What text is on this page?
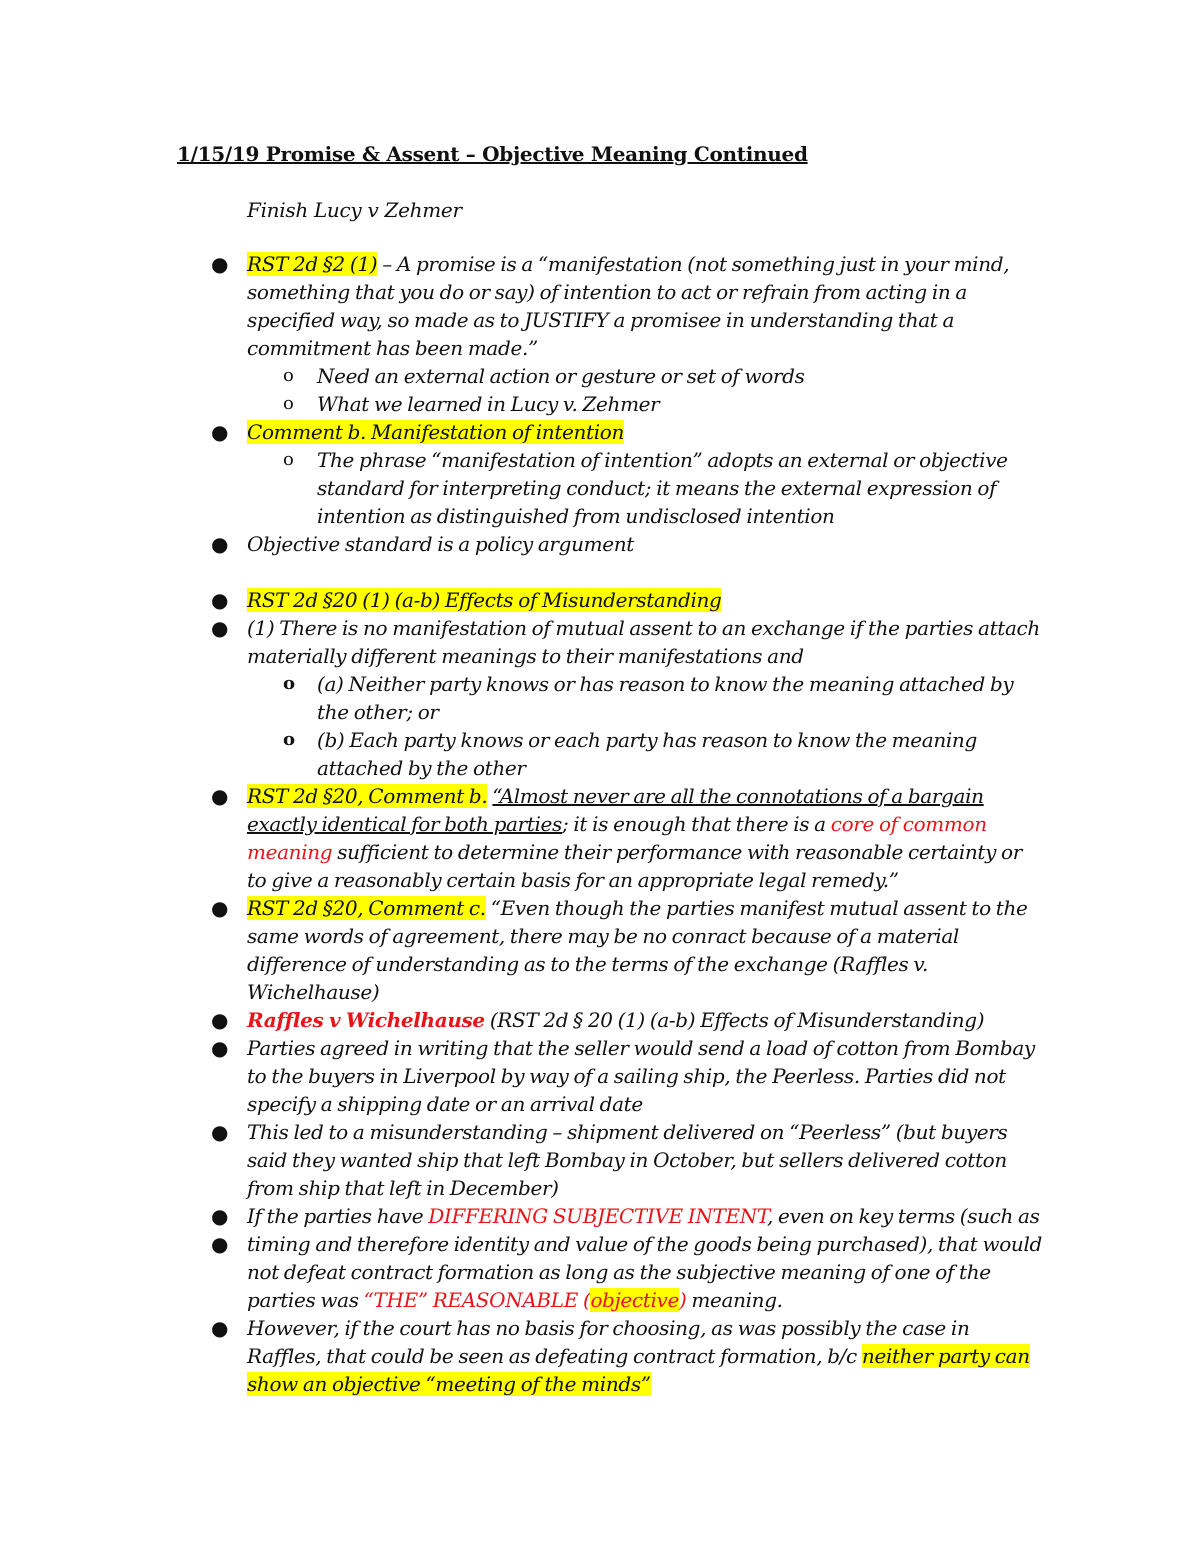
1/15/19 Promise & Assent – Objective Meaning Continued
Finish Lucy v Zehmer
● RST 2d §2 (1) – A promise is a “manifestation (not something just in your mind, something that you do or say) of intention to act or refrain from acting in a specified way, so made as to JUSTIFY a promisee in understanding that a commitment has been made.”
o Need an external action or gesture or set of words
o What we learned in Lucy v. Zehmer
● Comment b. Manifestation of intention
o The phrase “manifestation of intention” adopts an external or objective standard for interpreting conduct; it means the external expression of intention as distinguished from undisclosed intention
● Objective standard is a policy argument
● RST 2d §20 (1) (a-b) Effects of Misunderstanding
● (1) There is no manifestation of mutual assent to an exchange if the parties attach materially different meanings to their manifestations and
o (a) Neither party knows or has reason to know the meaning attached by the other; or
o (b) Each party knows or each party has reason to know the meaning attached by the other
● RST 2d §20, Comment b. “Almost never are all the connotations of a bargain exactly identical for both parties; it is enough that there is a core of common meaning sufficient to determine their performance with reasonable certainty or to give a reasonably certain basis for an appropriate legal remedy.”
● RST 2d §20, Comment c. “Even though the parties manifest mutual assent to the same words of agreement, there may be no conract because of a material difference of understanding as to the terms of the exchange (Raffles v. Wichelhause)
● Raffles v Wichelhause (RST 2d § 20 (1) (a-b) Effects of Misunderstanding)
● Parties agreed in writing that the seller would send a load of cotton from Bombay to the buyers in Liverpool by way of a sailing ship, the Peerless. Parties did not specify a shipping date or an arrival date
● This led to a misunderstanding – shipment delivered on “Peerless” (but buyers said they wanted ship that left Bombay in October, but sellers delivered cotton from ship that left in December)
● If the parties have DIFFERING SUBJECTIVE INTENT, even on key terms (such as
● timing and therefore identity and value of the goods being purchased), that would not defeat contract formation as long as the subjective meaning of one of the parties was “THE” REASONABLE (objective) meaning.
● However, if the court has no basis for choosing, as was possibly the case in Raffles, that could be seen as defeating contract formation, b/c neither party can show an objective “meeting of the minds”
